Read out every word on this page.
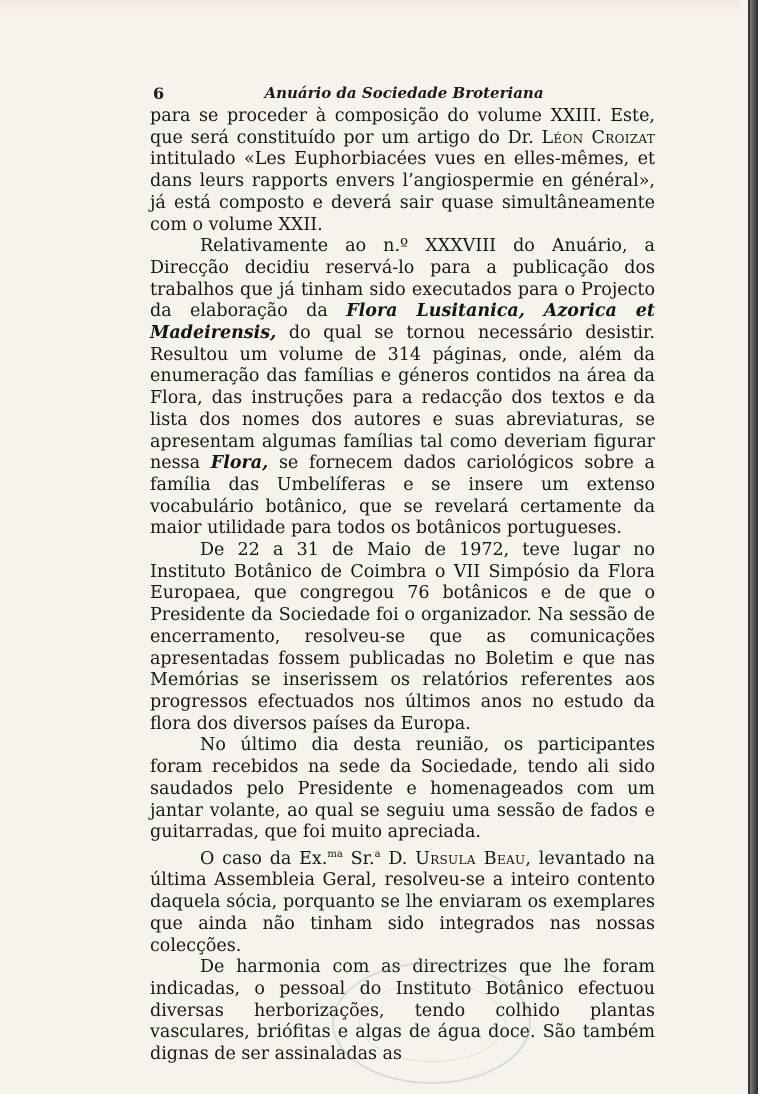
6	Anuário da Sociedade Broteriana

para se proceder à composição do volume XXIII. Este, que será constituído por um artigo do Dr. Léon Croizat intitulado «Les Euphorbiacées vues en elles-mêmes, et dans leurs rapports envers l’angiospermie en général», já está composto e deverá sair quase simultâneamente com o volume XXII.

Relativamente ao n.º XXXVIII do Anuário, a Direcção decidiu reservá-lo para a publicação dos trabalhos que já tinham sido executados para o Projecto da elaboração da Flora Lusitanica, Azorica et Madeirensis, do qual se tornou necessário desistir. Resultou um volume de 314 páginas, onde, além da enumeração das famílias e géneros contidos na área da Flora, das instruções para a redacção dos textos e da lista dos nomes dos autores e suas abreviaturas, se apresentam algumas famílias tal como deveriam figurar nessa Flora, se fornecem dados cariológicos sobre a família das Umbelíferas e se insere um extenso vocabulário botânico, que se revelará certamente da maior utilidade para todos os botânicos portugueses.

De 22 a 31 de Maio de 1972, teve lugar no Instituto Botânico de Coimbra o VII Simpósio da Flora Europaea, que congregou 76 botânicos e de que o Presidente da Sociedade foi o organizador. Na sessão de encerramento, resolveu-se que as comunicações apresentadas fossem publicadas no Boletim e que nas Memórias se inserissem os relatórios referentes aos progressos efectuados nos últimos anos no estudo da flora dos diversos países da Europa.

No último dia desta reunião, os participantes foram recebidos na sede da Sociedade, tendo ali sido saudados pelo Presidente e homenageados com um jantar volante, ao qual se seguiu uma sessão de fados e guitarradas, que foi muito apreciada.

O caso da Ex.$^{ma}$ Sr.$^a$ D. Ursula Beau, levantado na última Assembleia Geral, resolveu-se a inteiro contento daquela sócia, porquanto se lhe enviaram os exemplares que ainda não tinham sido integrados nas nossas colecções.

De harmonia com as directrizes que lhe foram indicadas, o pessoal do Instituto Botânico efectuou diversas herborizações, tendo colhido plantas vasculares, briófitas e algas de água doce. São também dignas de ser assinaladas as
